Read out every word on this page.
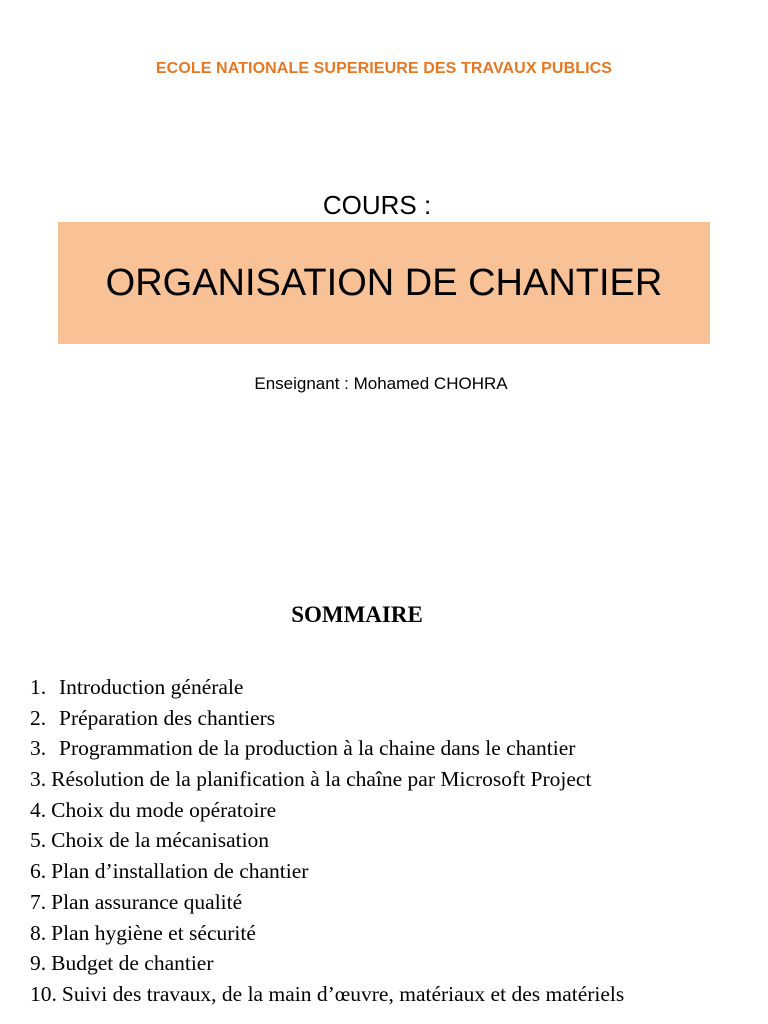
ECOLE NATIONALE SUPERIEURE DES TRAVAUX PUBLICS
COURS :
ORGANISATION DE CHANTIER
Enseignant : Mohamed CHOHRA
SOMMAIRE
1. Introduction générale
2. Préparation des chantiers
3. Programmation de la production à la chaine dans le chantier
3. Résolution de la planification à la chaîne par Microsoft Project
4. Choix du mode opératoire
5. Choix de la mécanisation
6. Plan d’installation de chantier
7. Plan assurance qualité
8. Plan hygiène et sécurité
9. Budget de chantier
10. Suivi des travaux, de la main d’œuvre, matériaux et des matériels
